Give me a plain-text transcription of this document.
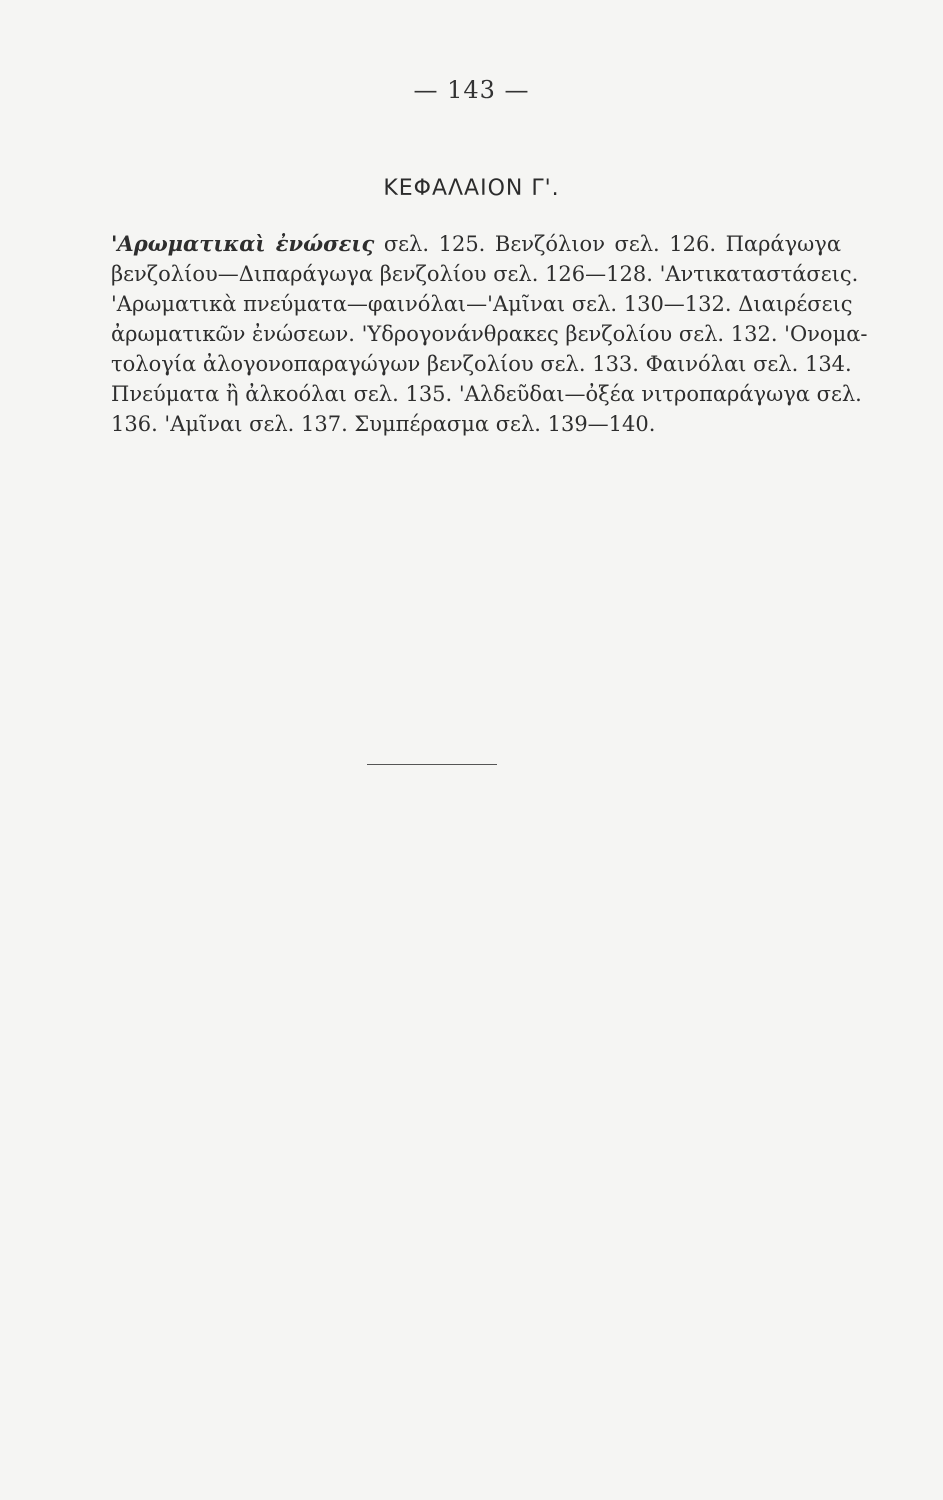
— 143 —
ΚΕΦΑΛΑΙΟΝ Γ'.
'Αρωματικαὶ ἐνώσεις σελ. 125. Βενζόλιον σελ. 126. Παράγωγα
βενζολίου—Διπαράγωγα βενζολίου σελ. 126—128. 'Αντικαταστάσεις.
'Αρωματικὰ πνεύματα—φαινόλαι—'Αμῖναι σελ. 130—132. Διαιρέσεις
ἀρωματικῶν ἐνώσεων. 'Υδρογονάνθρακες βενζολίου σελ. 132. 'Ονομα-
τολογία ἀλογονοπαραγώγων βενζολίου σελ. 133. Φαινόλαι σελ. 134.
Πνεύματα ἢ ἀλκοόλαι σελ. 135. 'Αλδεῦδαι—ὀξέα νιτροπαράγωγα σελ.
136. 'Αμῖναι σελ. 137. Συμπέρασμα σελ. 139—140.
